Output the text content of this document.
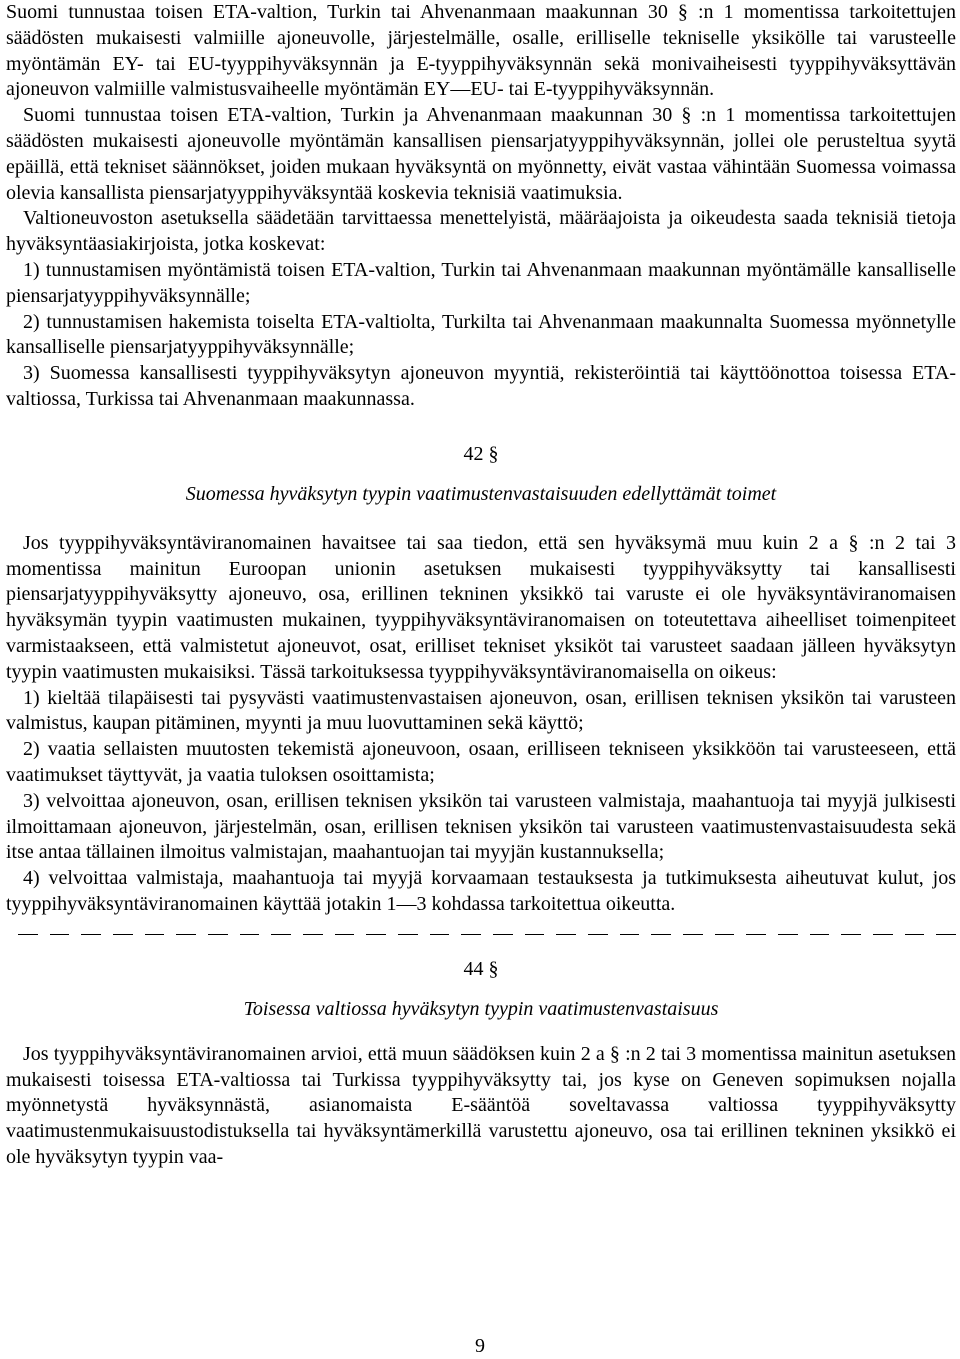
Suomi tunnustaa toisen ETA-valtion, Turkin tai Ahvenanmaan maakunnan 30 § :n 1 momentissa tarkoitettujen säädösten mukaisesti valmiille ajoneuvolle, järjestelmälle, osalle, erilliselle tekniselle yksikölle tai varusteelle myöntämän EY- tai EU-tyyppihyväksynnän ja E-tyyppihyväksynnän sekä monivaiheisesti tyyppihyväksyttävän ajoneuvon valmiille valmistusvaiheelle myöntämän EY—EU- tai E-tyyppihyväksynnän.

Suomi tunnustaa toisen ETA-valtion, Turkin ja Ahvenanmaan maakunnan 30 § :n 1 momentissa tarkoitettujen säädösten mukaisesti ajoneuvolle myöntämän kansallisen piensarjatyyppihyväksynnän, jollei ole perusteltua syytä epäillä, että tekniset säännökset, joiden mukaan hyväksyntä on myönnetty, eivät vastaa vähintään Suomessa voimassa olevia kansallista piensarjatyyppihyväksyntää koskevia teknisiä vaatimuksia.

Valtioneuvoston asetuksella säädetään tarvittaessa menettelyistä, määräajoista ja oikeudesta saada teknisiä tietoja hyväksyntäasiakirjoista, jotka koskevat:

1) tunnustamisen myöntämistä toisen ETA-valtion, Turkin tai Ahvenanmaan maakunnan myöntämälle kansalliselle piensarjatyyppihyväksynnälle;

2) tunnustamisen hakemista toiselta ETA-valtiolta, Turkilta tai Ahvenanmaan maakunnalta Suomessa myönnetylle kansalliselle piensarjatyyppihyväksynnälle;

3) Suomessa kansallisesti tyyppihyväksytyn ajoneuvon myyntiä, rekisteröintiä tai käyttöönottoa toisessa ETA-valtiossa, Turkissa tai Ahvenanmaan maakunnassa.

42 §
Suomessa hyväksytyn tyypin vaatimustenvastaisuuden edellyttämät toimet

Jos tyyppihyväksyntäviranomainen havaitsee tai saa tiedon, että sen hyväksymä muu kuin 2 a § :n 2 tai 3 momentissa mainitun Euroopan unionin asetuksen mukaisesti tyyppihyväksytty tai kansallisesti piensarjatyyppihyväksytty ajoneuvo, osa, erillinen tekninen yksikkö tai varuste ei ole hyväksyntäviranomaisen hyväksymän tyypin vaatimusten mukainen, tyyppihyväksyntäviranomaisen on toteutettava aiheelliset toimenpiteet varmistaakseen, että valmistetut ajoneuvot, osat, erilliset tekniset yksiköt tai varusteet saadaan jälleen hyväksytyn tyypin vaatimusten mukaisiksi. Tässä tarkoituksessa tyyppihyväksyntäviranomaisella on oikeus:

1) kieltää tilapäisesti tai pysyvästi vaatimustenvastaisen ajoneuvon, osan, erillisen teknisen yksikön tai varusteen valmistus, kaupan pitäminen, myynti ja muu luovuttaminen sekä käyttö;

2) vaatia sellaisten muutosten tekemistä ajoneuvoon, osaan, erilliseen tekniseen yksikköön tai varusteeseen, että vaatimukset täyttyvät, ja vaatia tuloksen osoittamista;

3) velvoittaa ajoneuvon, osan, erillisen teknisen yksikön tai varusteen valmistaja, maahantuoja tai myyjä julkisesti ilmoittamaan ajoneuvon, järjestelmän, osan, erillisen teknisen yksikön tai varusteen vaatimustenvastaisuudesta sekä itse antaa tällainen ilmoitus valmistajan, maahantuojan tai myyjän kustannuksella;

4) velvoittaa valmistaja, maahantuoja tai myyjä korvaamaan testauksesta ja tutkimuksesta aiheutuvat kulut, jos tyyppihyväksyntäviranomainen käyttää jotakin 1—3 kohdassa tarkoitettua oikeutta.

44 §
Toisessa valtiossa hyväksytyn tyypin vaatimustenvastaisuus

Jos tyyppihyväksyntäviranomainen arvioi, että muun säädöksen kuin 2 a § :n 2 tai 3 momentissa mainitun asetuksen mukaisesti toisessa ETA-valtiossa tai Turkissa tyyppihyväksytty tai, jos kyse on Geneven sopimuksen nojalla myönnetystä hyväksynnästä, asianomaista E-sääntöä soveltavassa valtiossa tyyppihyväksytty vaatimustenmukaisuustodistuksella tai hyväksyntämerkillä varustettu ajoneuvo, osa tai erillinen tekninen yksikkö ei ole hyväksytyn tyypin vaa-

9
